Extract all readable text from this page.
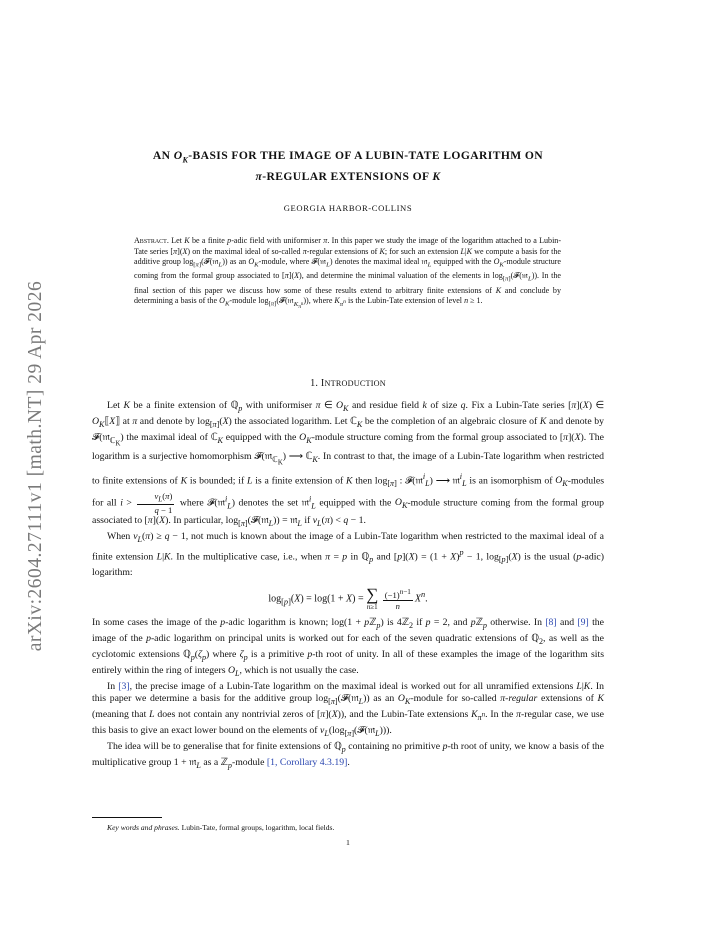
arXiv:2604.27111v1 [math.NT] 29 Apr 2026
AN $O_K$-BASIS FOR THE IMAGE OF A LUBIN-TATE LOGARITHM ON
π-REGULAR EXTENSIONS OF K
GEORGIA HARBOR-COLLINS
Abstract. Let K be a finite p-adic field with uniformiser π. In this paper we study the image of the logarithm attached to a Lubin-Tate series [π](X) on the maximal ideal of so-called π-regular extensions of K; for such an extension L|K we compute a basis for the additive group $\log_{[\pi]}(𝓕(𝔪_L))$ as an $O_K$-module, where 𝓕(𝔪$_L$) denotes the maximal ideal 𝔪$_L$ equipped with the $O_K$-module structure coming from the formal group associated to [π](X), and determine the minimal valuation of the elements in $\log_{[\pi]}(𝓕(𝔪_L))$. In the final section of this paper we discuss how some of these results extend to arbitrary finite extensions of K and conclude by determining a basis of the $O_K$-module $\log_{[\pi]}(𝓕(𝔪_{K_{\pi^n}}))$, where $K_{\pi^n}$ is the Lubin-Tate extension of level n ≥ 1.
1. INTRODUCTION

Let K be a finite extension of ℚ$_p$ with uniformiser π ∈ $O_K$ and residue field k of size q. Fix a Lubin-Tate series [π](X) ∈ $O_K⟦X⟧$ at π and denote by $\log_{[\pi]}(X)$ the associated logarithm. Let ℂ$_K$ be the completion of an algebraic closure of K and denote by 𝓕(𝔪$_{ℂ_K}$) the maximal ideal of ℂ$_K$ equipped with the $O_K$-module structure coming from the formal group associated to [π](X). The logarithm is a surjective homomorphism 𝓕(𝔪$_{ℂ_K}$) ⟶ ℂ$_K$. In contrast to that, the image of a Lubin-Tate logarithm when restricted to finite extensions of K is bounded; if L is a finite extension of K then $\log_{[\pi]}$ : 𝓕(𝔪$^i_L$) ⟶ 𝔪$^i_L$ is an isomorphism of $O_K$-modules for all $i > \frac{v_L(\pi)}{q - 1}$ where 𝓕(𝔪$^i_L$) denotes the set 𝔪$^i_L$ equipped with the $O_K$-module structure coming from the formal group associated to [π](X). In particular, $\log_{[\pi]}(𝓕(𝔪_L))$ = 𝔪$_L$ if $v_L(\pi) < q - 1$.

When $v_L(\pi) \ge q - 1$, not much is known about the image of a Lubin-Tate logarithm when restricted to the maximal ideal of a finite extension L|K. In the multiplicative case, i.e., when π = p in ℚ$_p$ and $[p](X) = (1 + X)^p - 1$, $\log_{[p]}(X)$ is the usual (p-adic) logarithm:

$\log_{[p]}(X) = \log(1 + X)$ = ∑
n≥1
$\frac{(-1)^{n-1}}{n} X^n$.

In some cases the image of the p-adic logarithm is known; log(1 + pℤ$_p$) is 4ℤ$_2$ if p = 2, and pℤ$_p$ otherwise. In [8] and [9] the image of the p-adic logarithm on principal units is worked out for each of the seven quadratic extensions of ℚ$_2$, as well as the cyclotomic extensions $ℚ_p(\zeta_p)$ where $\zeta_p$ is a primitive p-th root of unity. In all of these examples the image of the logarithm sits entirely within the ring of integers $O_L$, which is not usually the case.

In [3], the precise image of a Lubin-Tate logarithm on the maximal ideal is worked out for all unramified extensions L|K. In this paper we determine a basis for the additive group $\log_{[\pi]}(𝓕(𝔪_L))$ as an $O_K$-module for so-called π-regular extensions of K (meaning that L does not contain any nontrivial zeros of [π](X)), and the Lubin-Tate extensions $K_{\pi^n}$. In the π-regular case, we use this basis to give an exact lower bound on the elements of $v_L(\log_{[\pi]}(𝓕(𝔪_L)))$.

The idea will be to generalise that for finite extensions of ℚ$_p$ containing no primitive p-th root of unity, we know a basis of the multiplicative group 1 + 𝔪$_L$ as a ℤ$_p$-module [1, Corollary 4.3.19].

Key words and phrases. Lubin-Tate, formal groups, logarithm, local fields.
1
